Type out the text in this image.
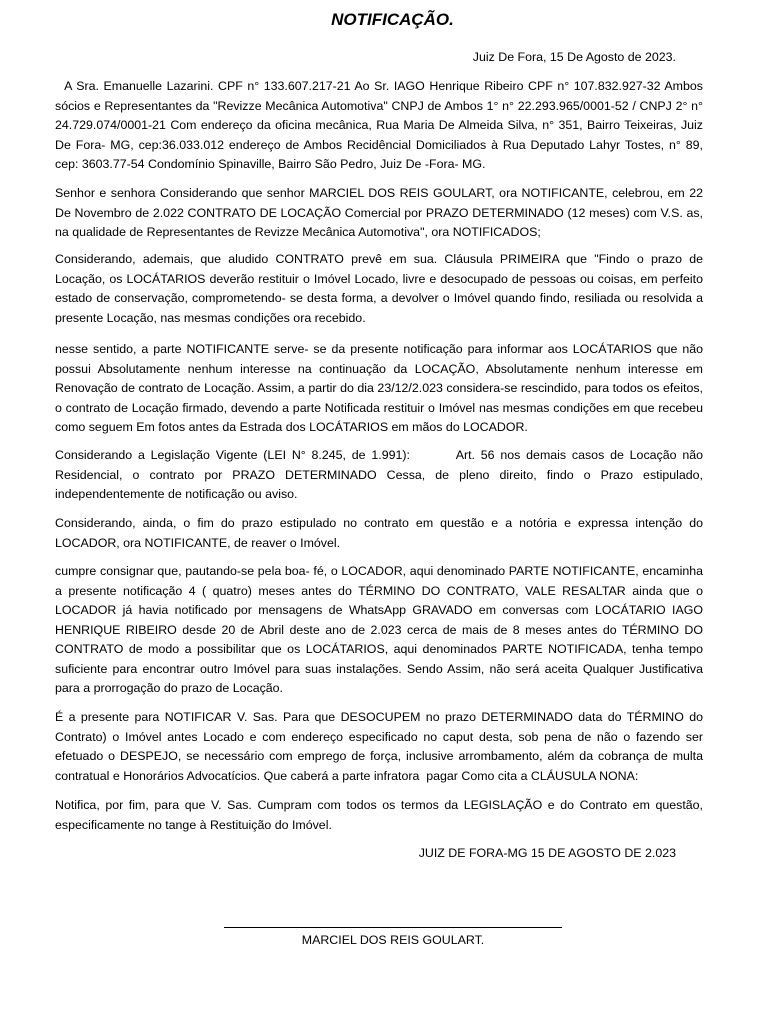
NOTIFICAÇÃO.
Juiz De Fora, 15 De Agosto de 2023.
A Sra. Emanuelle Lazarini. CPF n° 133.607.217-21 Ao Sr. IAGO Henrique Ribeiro CPF n° 107.832.927-32 Ambos sócios e Representantes da "Revizze Mecânica Automotiva" CNPJ de Ambos 1° n° 22.293.965/0001-52 / CNPJ 2° n° 24.729.074/0001-21 Com endereço da oficina mecânica, Rua Maria De Almeida Silva, n° 351, Bairro Teixeiras, Juiz De Fora- MG, cep:36.033.012 endereço de Ambos Recidêncial Domiciliados à Rua Deputado Lahyr Tostes, n° 89, cep: 3603.77-54 Condomínio Spinaville, Bairro São Pedro, Juiz De -Fora- MG.
Senhor e senhora Considerando que senhor MARCIEL DOS REIS GOULART, ora NOTIFICANTE, celebrou, em 22 De Novembro de 2.022 CONTRATO DE LOCAÇÃO Comercial por PRAZO DETERMINADO (12 meses) com V.S. as, na qualidade de Representantes de Revizze Mecânica Automotiva", ora NOTIFICADOS;
Considerando, ademais, que aludido CONTRATO prevê em sua. Cláusula PRIMEIRA que "Findo o prazo de Locação, os LOCÁTARIOS deverão restituir o Imóvel Locado, livre e desocupado de pessoas ou coisas, em perfeito estado de conservação, comprometendo- se desta forma, a devolver o Imóvel quando findo, resiliada ou resolvida a presente Locação, nas mesmas condições ora recebido.
nesse sentido, a parte NOTIFICANTE serve- se da presente notificação para informar aos LOCÁTARIOS que não possui Absolutamente nenhum interesse na continuação da LOCAÇÃO, Absolutamente nenhum interesse em Renovação de contrato de Locação. Assim, a partir do dia 23/12/2.023 considera-se rescindido, para todos os efeitos, o contrato de Locação firmado, devendo a parte Notificada restituir o Imóvel nas mesmas condições em que recebeu como seguem Em fotos antes da Estrada dos LOCÁTARIOS em mãos do LOCADOR.
Considerando a Legislação Vigente (LEI N° 8.245, de 1.991):        Art. 56 nos demais casos de Locação não Residencial, o contrato por PRAZO DETERMINADO Cessa, de pleno direito, findo o Prazo estipulado, independentemente de notificação ou aviso.
Considerando, ainda, o fim do prazo estipulado no contrato em questão e a notória e expressa intenção do LOCADOR, ora NOTIFICANTE, de reaver o Imóvel.
cumpre consignar que, pautando-se pela boa- fé, o LOCADOR, aqui denominado PARTE NOTIFICANTE, encaminha a presente notificação 4 ( quatro) meses antes do TÉRMINO DO CONTRATO, VALE RESALTAR ainda que o LOCADOR já havia notificado por mensagens de WhatsApp GRAVADO em conversas com LOCÁTARIO IAGO HENRIQUE RIBEIRO desde 20 de Abril deste ano de 2.023 cerca de mais de 8 meses antes do TÉRMINO DO CONTRATO de modo a possibilitar que os LOCÁTARIOS, aqui denominados PARTE NOTIFICADA, tenha tempo suficiente para encontrar outro Imóvel para suas instalações. Sendo Assim, não será aceita Qualquer Justificativa para a prorrogação do prazo de Locação.
É a presente para NOTIFICAR V. Sas. Para que DESOCUPEM no prazo DETERMINADO data do TÉRMINO do Contrato) o Imóvel antes Locado e com endereço especificado no caput desta, sob pena de não o fazendo ser efetuado o DESPEJO, se necessário com emprego de força, inclusive arrombamento, além da cobrança de multa contratual e Honorários Advocatícios. Que caberá a parte infratora  pagar Como cita a CLÁUSULA NONA:
Notifica, por fim, para que V. Sas. Cumpram com todos os termos da LEGISLAÇÃO e do Contrato em questão, especificamente no tange à Restituição do Imóvel.
JUIZ DE FORA-MG 15 DE AGOSTO DE 2.023
MARCIEL DOS REIS GOULART.
